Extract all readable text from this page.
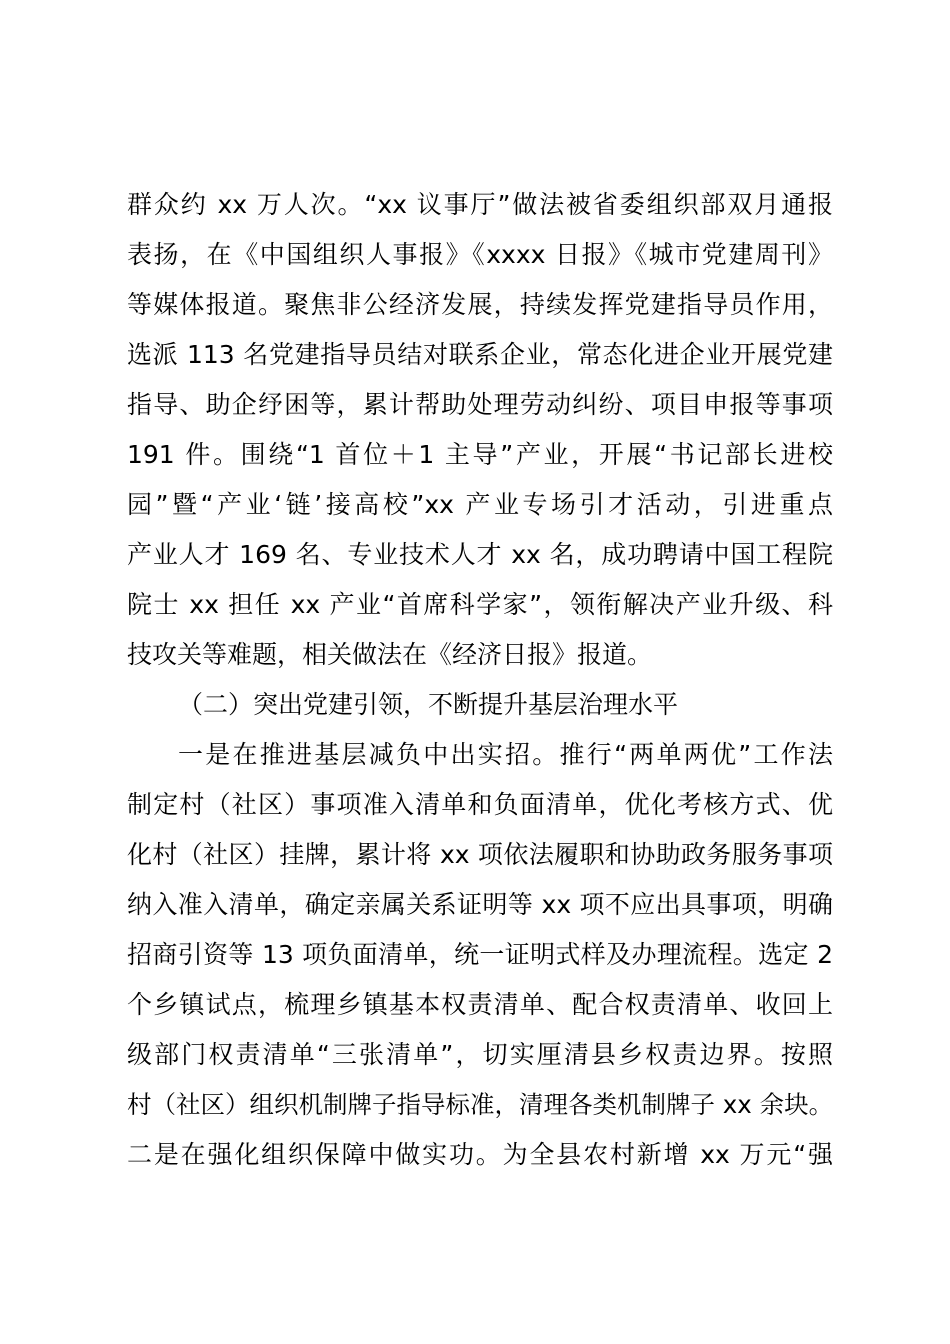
群众约 xx 万人次。“xx 议事厅”做法被省委组织部双月通报
表扬，在《中国组织人事报》《xxxx 日报》《城市党建周刊》
等媒体报道。聚焦非公经济发展，持续发挥党建指导员作用，
选派 113 名党建指导员结对联系企业，常态化进企业开展党建
指导、助企纾困等，累计帮助处理劳动纠纷、项目申报等事项
191 件。围绕“1 首位＋1 主导”产业，开展“书记部长进校
园”暨“产业‘链’接高校”xx 产业专场引才活动，引进重点
产业人才 169 名、专业技术人才 xx 名，成功聘请中国工程院
院士 xx 担任 xx 产业“首席科学家”，领衔解决产业升级、科
技攻关等难题，相关做法在《经济日报》报道。
（二）突出党建引领，不断提升基层治理水平
一是在推进基层减负中出实招。推行“两单两优”工作法
制定村（社区）事项准入清单和负面清单，优化考核方式、优
化村（社区）挂牌，累计将 xx 项依法履职和协助政务服务事项
纳入准入清单，确定亲属关系证明等 xx 项不应出具事项，明确
招商引资等 13 项负面清单，统一证明式样及办理流程。选定 2
个乡镇试点，梳理乡镇基本权责清单、配合权责清单、收回上
级部门权责清单“三张清单”，切实厘清县乡权责边界。按照
村（社区）组织机制牌子指导标准，清理各类机制牌子 xx 余块。
二是在强化组织保障中做实功。为全县农村新增 xx 万元“强
